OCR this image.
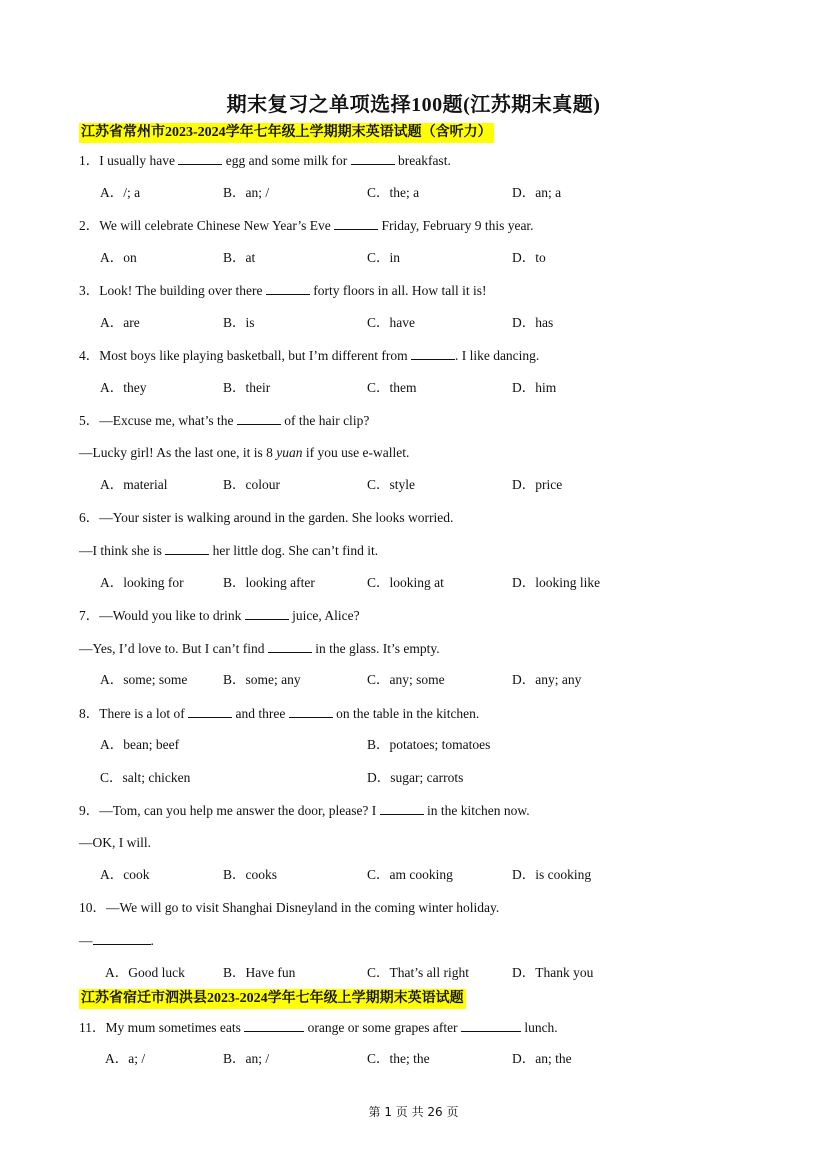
期末复习之单项选择100题(江苏期末真题)
江苏省常州市2023-2024学年七年级上学期期末英语试题（含听力）
1．I usually have	egg and some milk for	breakfast.
A．/; a	B．an; /	C．the; a	D．an; a
2．We will celebrate Chinese New Year’s Eve	Friday, February 9 this year.
A．on	B．at	C．in	D．to
3．Look! The building over there	forty floors in all. How tall it is!
A．are	B．is	C．have	D．has
4．Most boys like playing basketball, but I’m different from	. I like dancing.
A．they	B．their	C．them	D．him
5．—Excuse me, what’s the	of the hair clip?
—Lucky girl! As the last one, it is 8 yuan if you use e-wallet.
A．material	B．colour	C．style	D．price
6．—Your sister is walking around in the garden. She looks worried.
—I think she is	her little dog. She can’t find it.
A．looking for	B．looking after	C．looking at	D．looking like
7．—Would you like to drink	juice, Alice?
—Yes, I’d love to. But I can’t find	in the glass. It’s empty.
A．some; some	B．some; any	C．any; some	D．any; any
8．There is a lot of	and three	on the table in the kitchen.
A．bean; beef	B．potatoes; tomatoes
C．salt; chicken	D．sugar; carrots
9．—Tom, can you help me answer the door, please? I	in the kitchen now.
—OK, I will.
A．cook	B．cooks	C．am cooking	D．is cooking
10．—We will go to visit Shanghai Disneyland in the coming winter holiday.
—	.
A．Good luck	B．Have fun	C．That’s all right	D．Thank you
江苏省宿迁市泗洪县2023-2024学年七年级上学期期末英语试题
11．My mum sometimes eats	orange or some grapes after	lunch.
A．a; /	B．an; /	C．the; the	D．an; the
第 1 页 共 26 页
